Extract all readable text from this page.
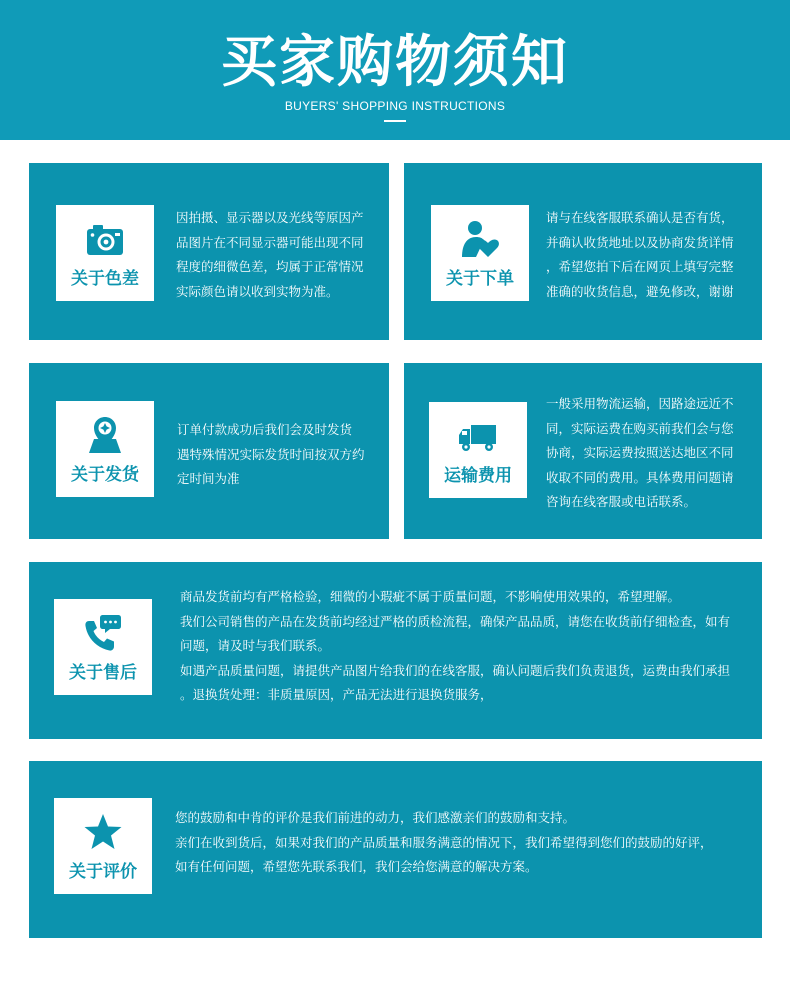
买家购物须知
BUYERS' SHOPPING INSTRUCTIONS
关于色差

因拍摄、显示器以及光线等原因产

品图片在不同显示器可能出现不同

程度的细微色差，均属于正常情况

实际颜色请以收到实物为准。

关于下单

请与在线客服联系确认是否有货，

并确认收货地址以及协商发货详情

，希望您拍下后在网页上填写完整

准确的收货信息，避免修改，谢谢

关于发货

订单付款成功后我们会及时发货

遇特殊情况实际发货时间按双方约

定时间为准	运输费用

一般采用物流运输，因路途远近不

同，实际运费在购买前我们会与您

协商，实际运费按照送达地区不同

收取不同的费用。具体费用问题请

咨询在线客服或电话联系。

关于售后

商品发货前均有严格检验，细微的小瑕疵不属于质量问题，不影响使用效果的，希望理解。

我们公司销售的产品在发货前均经过严格的质检流程，确保产品品质，请您在收货前仔细检查，如有

问题，请及时与我们联系。

如遇产品质量问题，请提供产品图片给我们的在线客服，确认问题后我们负责退货，运费由我们承担

。退换货处理：非质量原因，产品无法进行退换货服务，

关于评价

您的鼓励和中肯的评价是我们前进的动力，我们感激亲们的鼓励和支持。

亲们在收到货后，如果对我们的产品质量和服务满意的情况下，我们希望得到您们的鼓励的好评，

如有任何问题，希望您先联系我们，我们会给您满意的解决方案。
